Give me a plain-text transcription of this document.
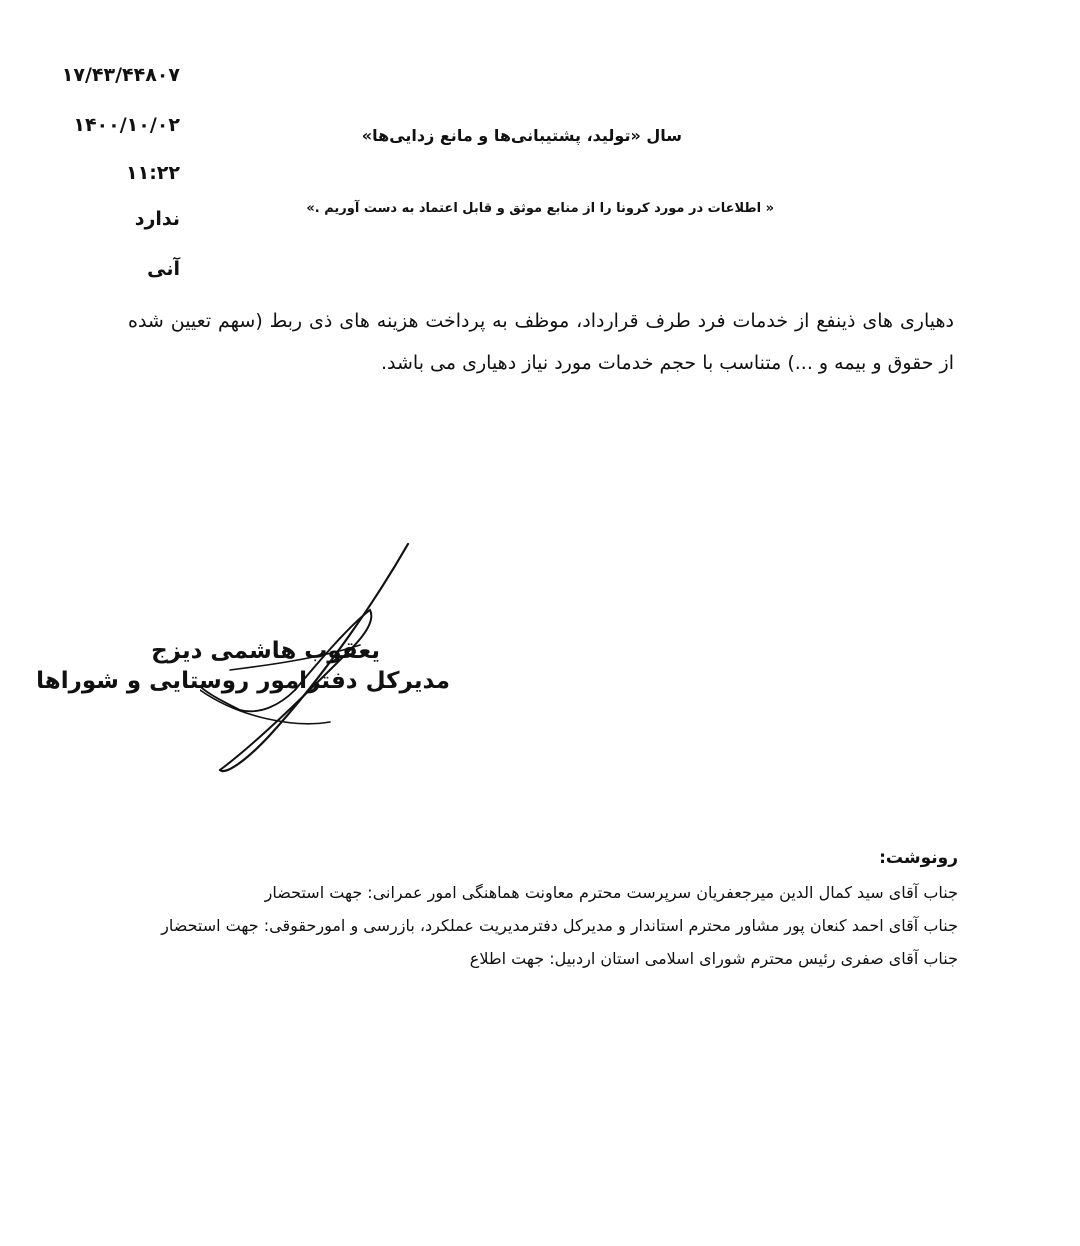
۱۷/۴۳/۴۴۸۰۷
۱۴۰۰/۱۰/۰۲
۱۱:۲۲
ندارد
آنی
سال «تولید، پشتیبانی‌ها و مانع زدایی‌ها»
« اطلاعات در مورد کرونا را از منابع موثق و قابل اعتماد به دست آوریم .»
دهیاری های ذینفع از خدمات فرد طرف قرارداد، موظف به پرداخت هزینه های ذی ربط (سهم تعیین شده از حقوق و بیمه و ...) متناسب با حجم خدمات مورد نیاز دهیاری می باشد.
یعقوب هاشمی دیزج
مدیرکل دفترامور روستایی و شوراها
رونوشت:
جناب آقای سید کمال الدین میرجعفریان سرپرست محترم معاونت هماهنگی امور عمرانی: جهت استحضار
جناب آقای احمد کنعان پور مشاور محترم استاندار و مدیرکل دفترمدیریت عملکرد، بازرسی و امورحقوقی: جهت استحضار
جناب آقای صفری رئیس محترم شورای اسلامی استان اردبیل: جهت اطلاع
